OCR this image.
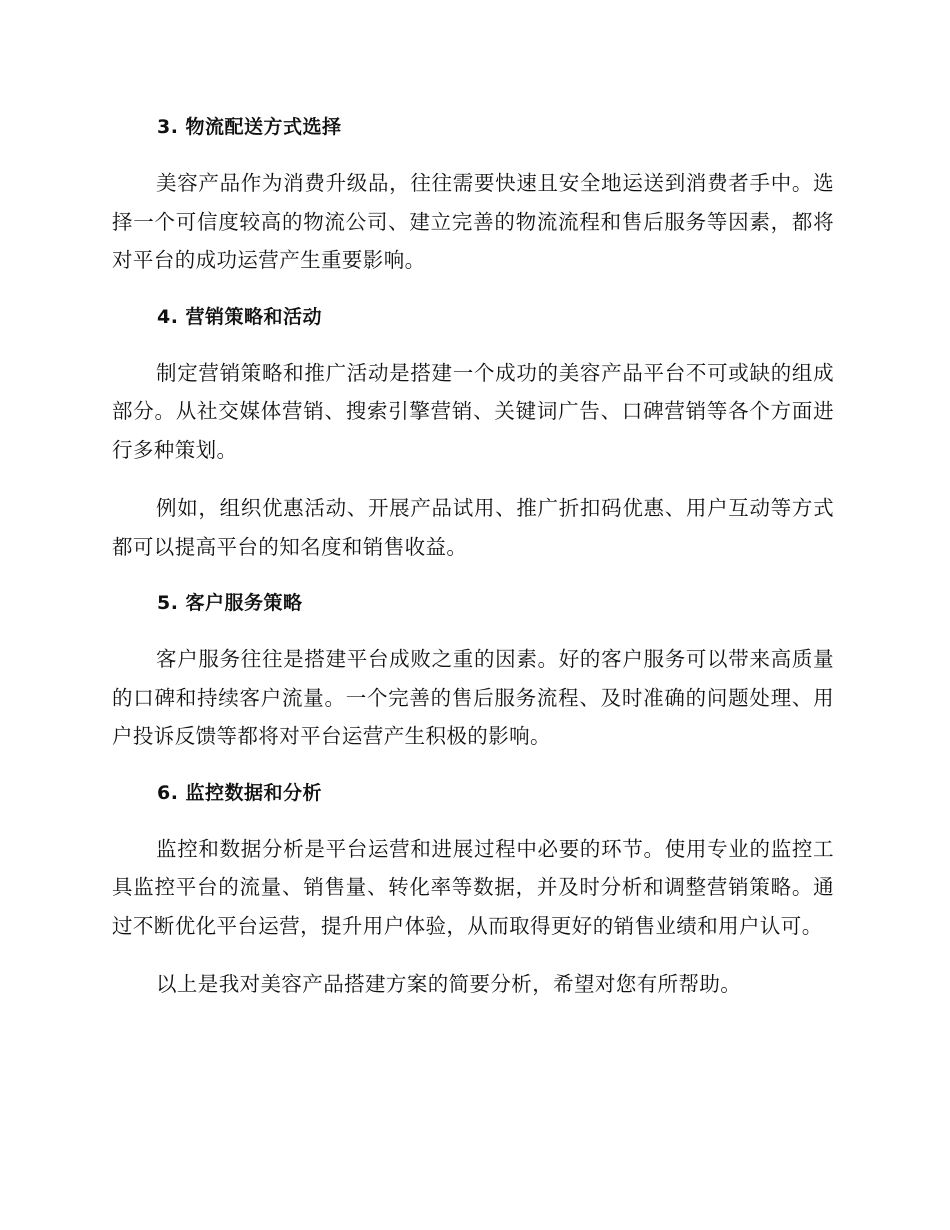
3. 物流配送方式选择

美容产品作为消费升级品，往往需要快速且安全地运送到消费者手中。选择一个可信度较高的物流公司、建立完善的物流流程和售后服务等因素，都将对平台的成功运营产生重要影响。

4. 营销策略和活动

制定营销策略和推广活动是搭建一个成功的美容产品平台不可或缺的组成部分。从社交媒体营销、搜索引擎营销、关键词广告、口碑营销等各个方面进行多种策划。

例如，组织优惠活动、开展产品试用、推广折扣码优惠、用户互动等方式都可以提高平台的知名度和销售收益。

5. 客户服务策略

客户服务往往是搭建平台成败之重的因素。好的客户服务可以带来高质量的口碑和持续客户流量。一个完善的售后服务流程、及时准确的问题处理、用户投诉反馈等都将对平台运营产生积极的影响。

6. 监控数据和分析

监控和数据分析是平台运营和进展过程中必要的环节。使用专业的监控工具监控平台的流量、销售量、转化率等数据，并及时分析和调整营销策略。通过不断优化平台运营，提升用户体验，从而取得更好的销售业绩和用户认可。

以上是我对美容产品搭建方案的简要分析，希望对您有所帮助。
